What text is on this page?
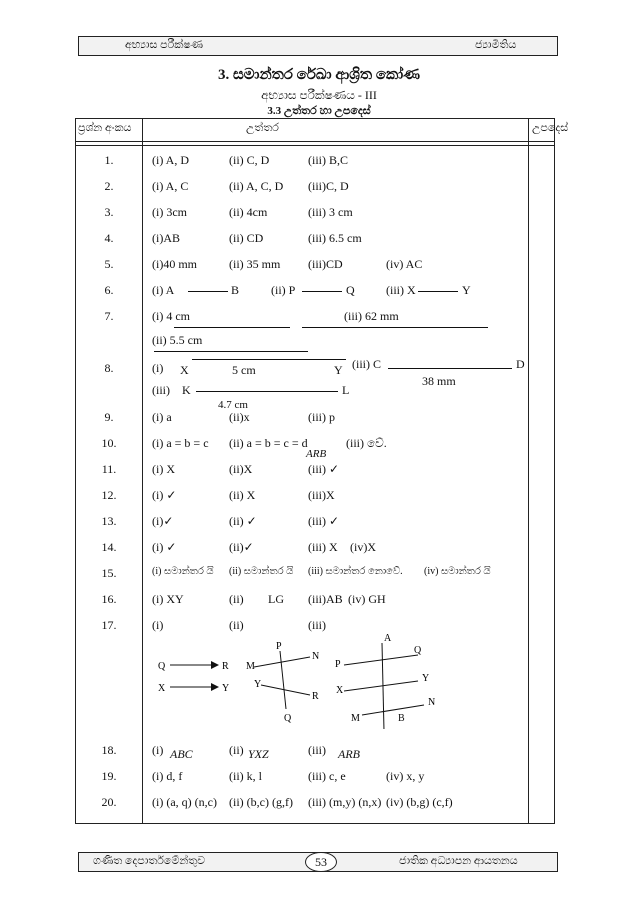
අභ්‍යාස පරීක්ෂණ	ජ්‍යාමිතිය
3. සමාන්තර රේඛා ආශ්‍රිත කෝණ
අභ්‍යාස පරීක්ෂණය - III
3.3 උත්තර හා උපදෙස්
ප්‍රශ්න අංකය	උත්තර	උපදෙස්
1.	(i) A, D	(ii) C, D	(iii) B,C
2.	(i) A, C	(ii) A, C, D (iii)C, D
3.	(i) 3cm	(ii) 4cm	(iii) 3 cm
4.	(i)AB	(ii) CD	(iii) 6.5 cm
5.	(i)40 mm	(ii) 35 mm (iii)CD	(iv) AC
6.	(i) A	B	(ii) P	Q	(iii) X	Y
7.	(i) 4 cm	(iii) 62 mm
(ii) 5.5 cm
8.	(i) X	5 cm	Y (iii) C	D
38 mm
(iii) K	L
4.7 cm
9.	(i) a	(ii)x	(iii) p
10.	(i) a = b = c (ii) a = b = c = d	(iii) වේ.
ARB
11.	(i) X	(ii)X	(iii) ✓
12.	(i) ✓	(ii) X	(iii)X
13.	(i)✓	(ii) ✓	(iii) ✓
14.	(i) ✓	(ii)✓	(iii) X (iv)X
15.	(i) සමාන්තර යි (ii) සමාන්තර යි (iii) සමාන්තර නොවේ. (iv) සමාන්තර යි
16.	(i) XY	(ii) LG (iii)AB (iv) GH
17.	(i)	(ii)	(iii)
Q	R
X	Y
P
N
M
Y
R
Q
A
Q
P
Y
X
N
M	B
18.	(i) ABC	(ii) YXZ	(iii) ARB
19.	(i) d, f	(ii) k, l	(iii) c, e	(iv) x, y
20.	(i) (a, q) (n,c) (ii) (b,c) (g,f) (iii) (m,y) (n,x) (iv) (b,g) (c,f)
ගණිත දෙපාර්තමේන්තුව	53	ජාතික අධ්‍යාපන ආයතනය
